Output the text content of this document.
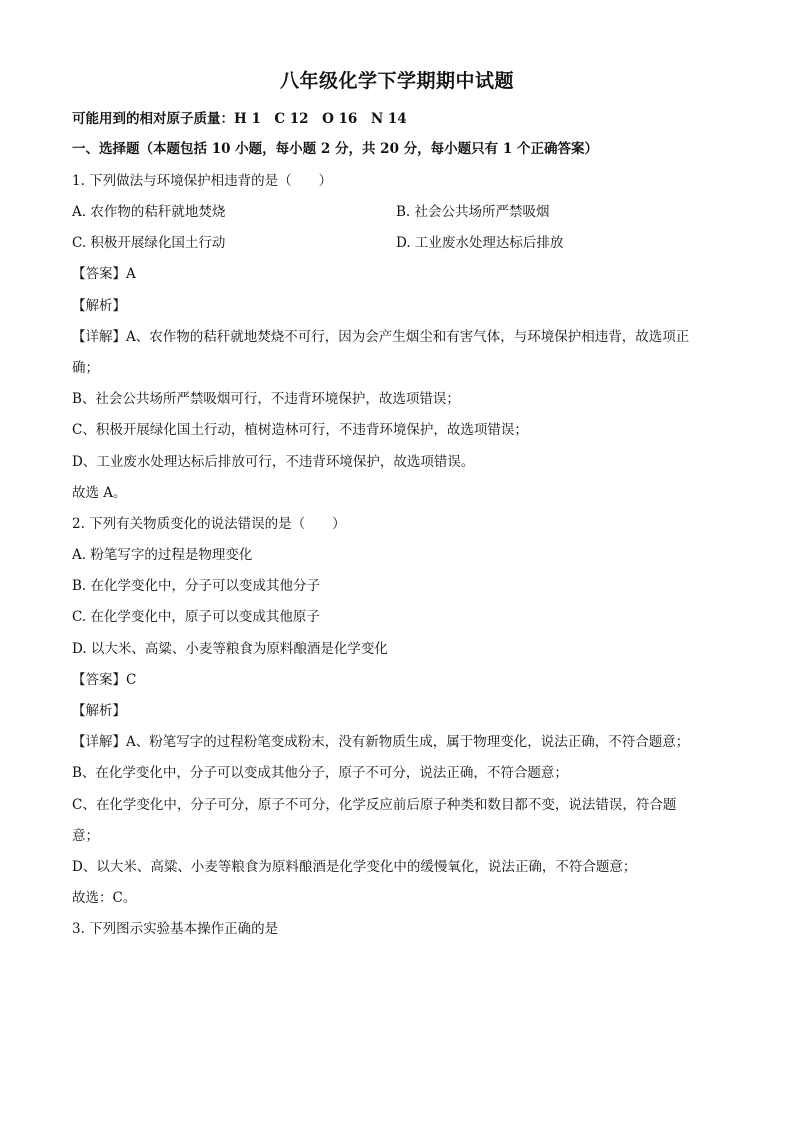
八年级化学下学期期中试题
可能用到的相对原子质量：H 1　C 12　O 16　N 14
一、选择题（本题包括 10 小题，每小题 2 分，共 20 分，每小题只有 1 个正确答案）
1. 下列做法与环境保护相违背的是（　　）
A. 农作物的秸秆就地焚烧	B. 社会公共场所严禁吸烟
C. 积极开展绿化国土行动	D. 工业废水处理达标后排放
【答案】A
【解析】
【详解】A、农作物的秸秆就地焚烧不可行，因为会产生烟尘和有害气体，与环境保护相违背，故选项正
确；
B、社会公共场所严禁吸烟可行，不违背环境保护，故选项错误；
C、积极开展绿化国土行动，植树造林可行，不违背环境保护，故选项错误；
D、工业废水处理达标后排放可行，不违背环境保护，故选项错误。
故选 A。
2. 下列有关物质变化的说法错误的是（　　）
A. 粉笔写字的过程是物理变化
B. 在化学变化中，分子可以变成其他分子
C. 在化学变化中，原子可以变成其他原子
D. 以大米、高粱、小麦等粮食为原料酿酒是化学变化
【答案】C
【解析】
【详解】A、粉笔写字的过程粉笔变成粉末，没有新物质生成，属于物理变化，说法正确，不符合题意；
B、在化学变化中，分子可以变成其他分子，原子不可分，说法正确，不符合题意；
C、在化学变化中，分子可分，原子不可分，化学反应前后原子种类和数目都不变，说法错误，符合题
意；
D、以大米、高粱、小麦等粮食为原料酿酒是化学变化中的缓慢氧化，说法正确，不符合题意；
故选：C。
3. 下列图示实验基本操作正确的是
